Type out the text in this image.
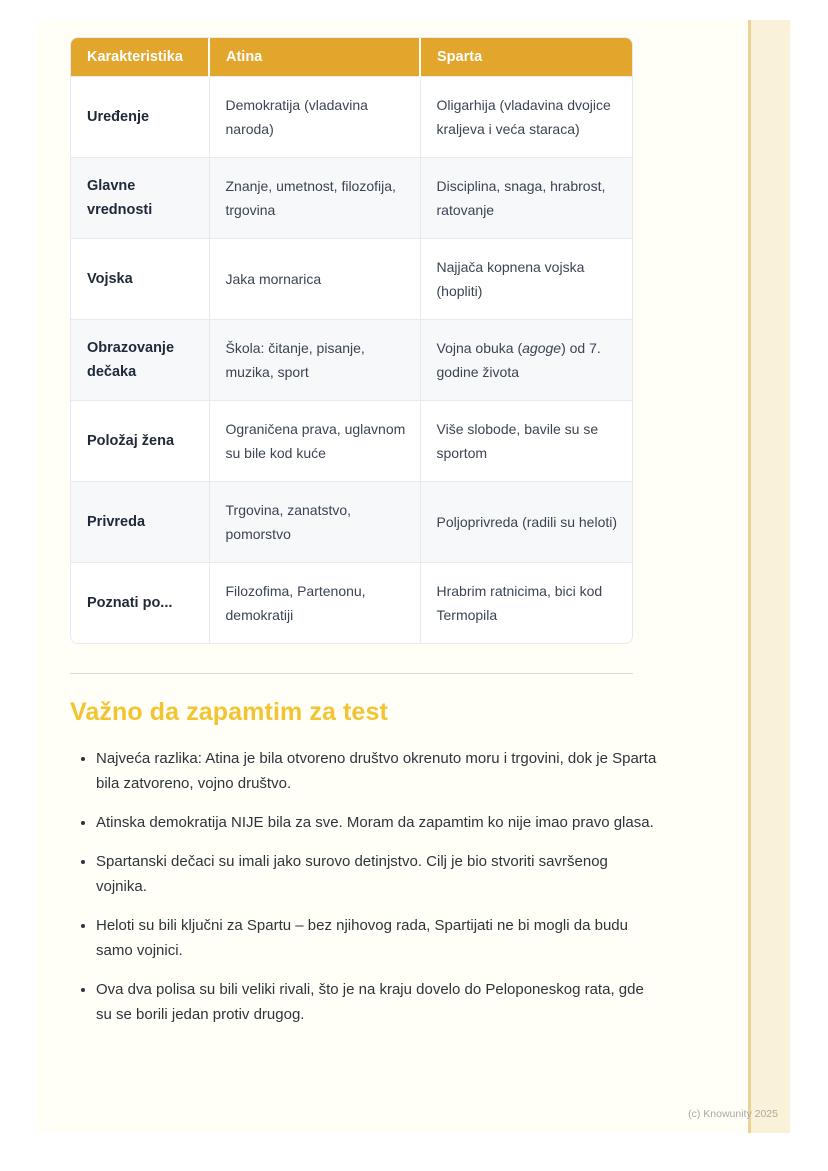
Karakteristika	Atina	Sparta
Uređenje	Demokratija (vladavina naroda)	Oligarhija (vladavina dvojice kraljeva i veća staraca)
Glavne vrednosti	Znanje, umetnost, filozofija, trgovina	Disciplina, snaga, hrabrost, ratovanje
Vojska	Jaka mornarica	Najjača kopnena vojska (hopliti)
Obrazovanje dečaka	Škola: čitanje, pisanje, muzika, sport	Vojna obuka (agoge) od 7. godine života
Položaj žena	Ograničena prava, uglavnom su bile kod kuće	Više slobode, bavile su se sportom
Privreda	Trgovina, zanatstvo, pomorstvo	Poljoprivreda (radili su heloti)
Poznati po...	Filozofima, Partenonu, demokratiji	Hrabrim ratnicima, bici kod Termopila
Važno da zapamtim za test
• Najveća razlika: Atina je bila otvoreno društvo okrenuto moru i trgovini, dok je Sparta bila zatvoreno, vojno društvo.
• Atinska demokratija NIJE bila za sve. Moram da zapamtim ko nije imao pravo glasa.
• Spartanski dečaci su imali jako surovo detinjstvo. Cilj je bio stvoriti savršenog vojnika.
• Heloti su bili ključni za Spartu – bez njihovog rada, Spartijati ne bi mogli da budu samo vojnici.
• Ova dva polisa su bili veliki rivali, što je na kraju dovelo do Peloponeskog rata, gde su se borili jedan protiv drugog.
(c) Knowunity 2025
